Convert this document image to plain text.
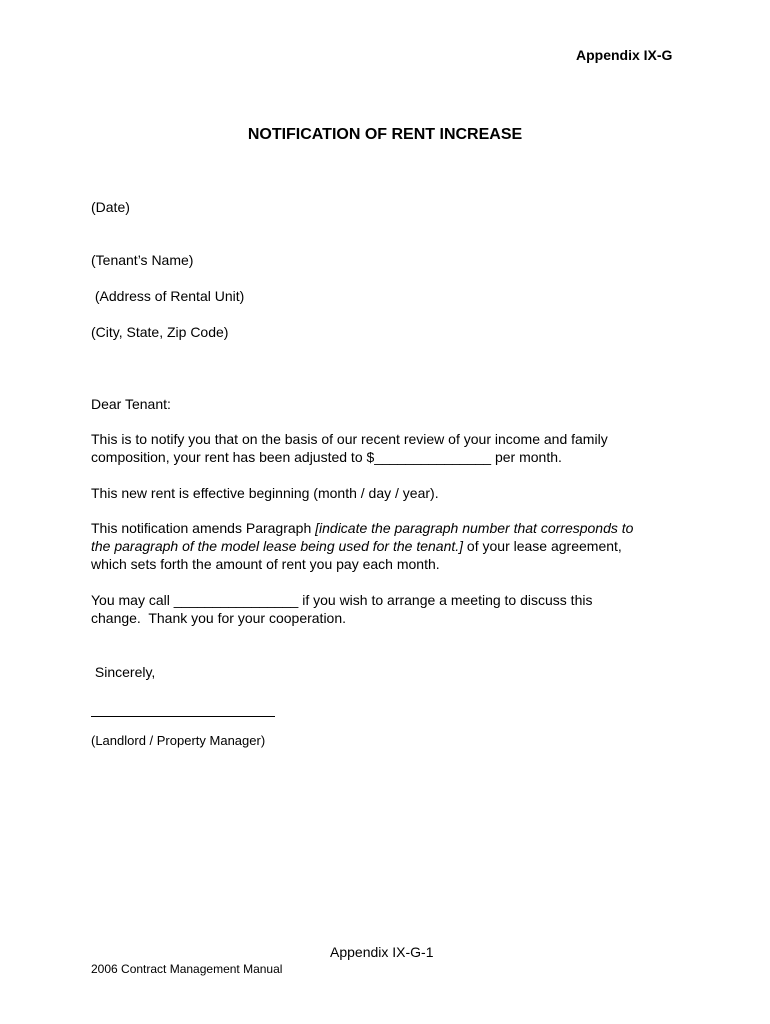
Appendix IX-G
NOTIFICATION OF RENT INCREASE
(Date)
(Tenant’s Name)
(Address of Rental Unit)
(City, State, Zip Code)
Dear Tenant:
This is to notify you that on the basis of our recent review of your income and family
composition, your rent has been adjusted to $_______________ per month.
This new rent is effective beginning (month / day / year).
This notification amends Paragraph [indicate the paragraph number that corresponds to
the paragraph of the model lease being used for the tenant.] of your lease agreement,
which sets forth the amount of rent you pay each month.
You may call ________________ if you wish to arrange a meeting to discuss this
change.  Thank you for your cooperation.
Sincerely,
(Landlord / Property Manager)
Appendix IX-G-1
2006 Contract Management Manual
